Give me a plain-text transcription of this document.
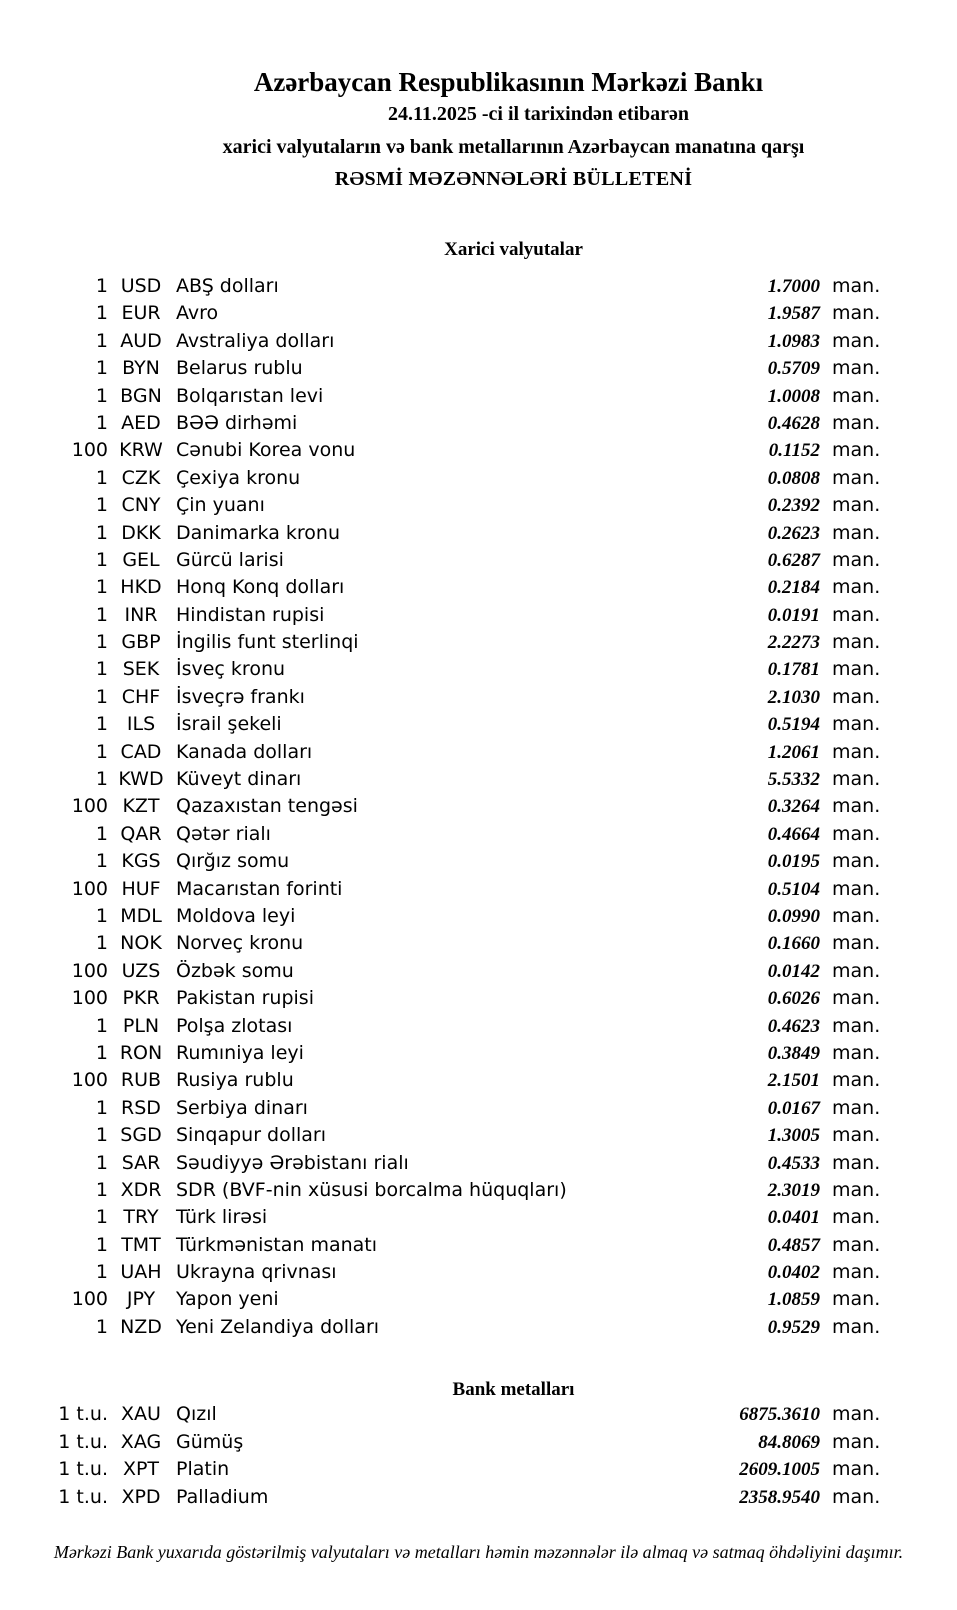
Azərbaycan Respublikasının Mərkəzi Bankı
24.11.2025 -ci il tarixindən etibarən
xarici valyutaların və bank metallarının Azərbaycan manatına qarşı
RƏSMİ MƏZƏNNƏLƏRİ BÜLLETENİ
Xarici valyutalar
1 USD ABŞ dolları	1.7000 man.
1 EUR Avro	1.9587 man.
1 AUD Avstraliya dolları	1.0983 man.
1 BYN Belarus rublu	0.5709 man.
1 BGN Bolqarıstan levi	1.0008 man.
1 AED BƏƏ dirhəmi	0.4628 man.
100 KRW Cənubi Korea vonu	0.1152 man.
1 CZK Çexiya kronu	0.0808 man.
1 CNY Çin yuanı	0.2392 man.
1 DKK Danimarka kronu	0.2623 man.
1 GEL Gürcü larisi	0.6287 man.
1 HKD Honq Konq dolları	0.2184 man.
1 INR Hindistan rupisi	0.0191 man.
1 GBP İngilis funt sterlinqi	2.2273 man.
1 SEK İsveç kronu	0.1781 man.
1 CHF İsveçrə frankı	2.1030 man.
1 ILS	İsrail şekeli	0.5194 man.
1 CAD Kanada dolları	1.2061 man.
1 KWD Küveyt dinarı	5.5332 man.
100 KZT Qazaxıstan tengəsi	0.3264 man.
1 QAR Qətər rialı	0.4664 man.
1 KGS Qırğız somu	0.0195 man.
100 HUF Macarıstan forinti	0.5104 man.
1 MDL Moldova leyi	0.0990 man.
1 NOK Norveç kronu	0.1660 man.
100 UZS Özbək somu	0.0142 man.
100 PKR Pakistan rupisi	0.6026 man.
1 PLN Polşa zlotası	0.4623 man.
1 RON Rumıniya leyi	0.3849 man.
100 RUB Rusiya rublu	2.1501 man.
1 RSD Serbiya dinarı	0.0167 man.
1 SGD Sinqapur dolları	1.3005 man.
1 SAR Səudiyyə Ərəbistanı rialı	0.4533 man.
1 XDR SDR (BVF-nin xüsusi borcalma hüquqları)	2.3019 man.
1 TRY Türk lirəsi	0.0401 man.
1 TMT Türkmənistan manatı	0.4857 man.
1 UAH Ukrayna qrivnası	0.0402 man.
100 JPY	Yapon yeni	1.0859 man.
1 NZD Yeni Zelandiya dolları	0.9529 man.
Bank metalları
1 t.u. XAU Qızıl	6875.3610 man.
1 t.u. XAG Gümüş	84.8069 man.
1 t.u. XPT Platin	2609.1005 man.
1 t.u. XPD Palladium	2358.9540 man.
Mərkəzi Bank yuxarıda göstərilmiş valyutaları və metalları həmin məzənnələr ilə almaq və satmaq öhdəliyini daşımır.
